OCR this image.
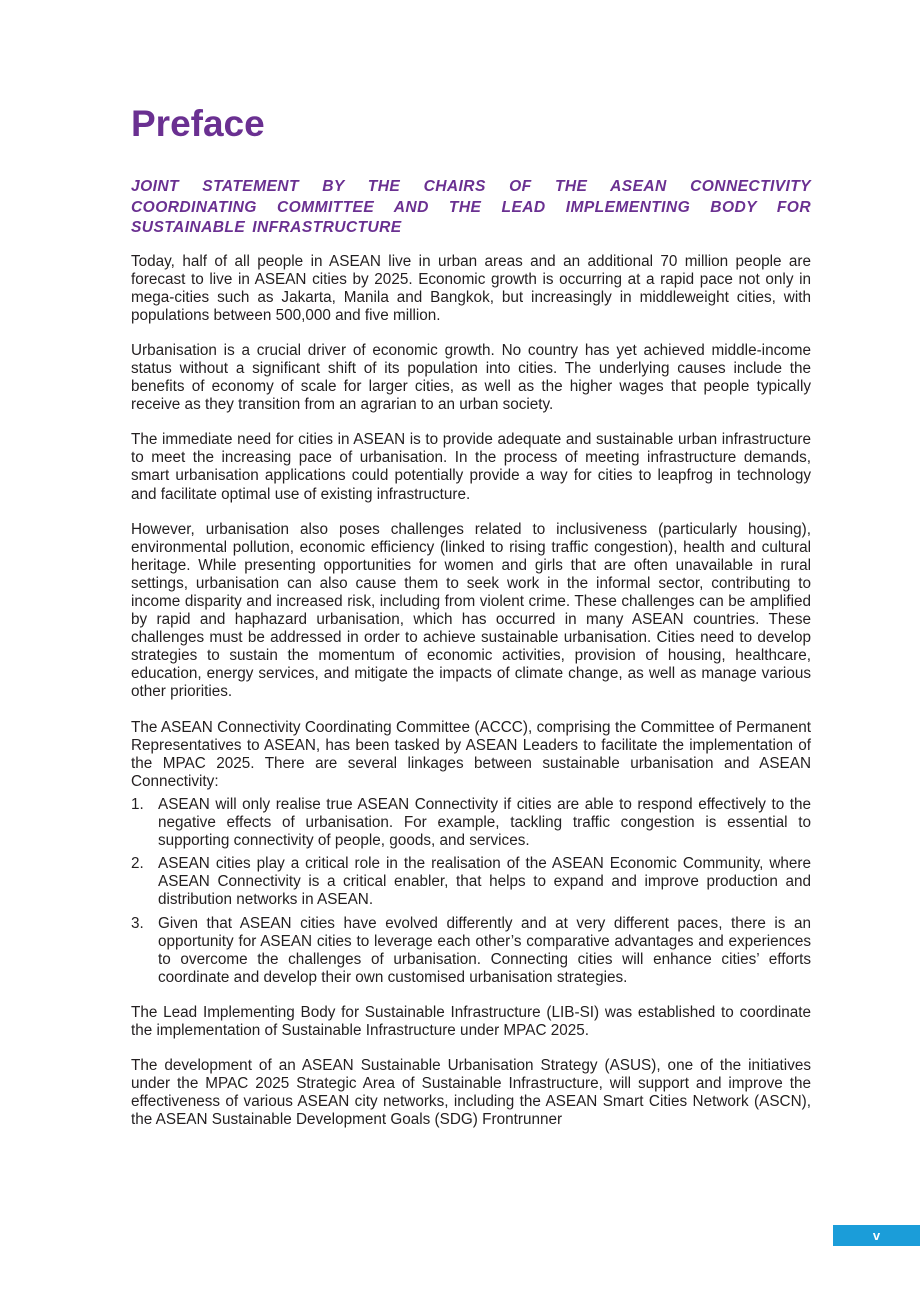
Preface
JOINT STATEMENT BY THE CHAIRS OF THE ASEAN CONNECTIVITY COORDINATING COMMITTEE AND THE LEAD IMPLEMENTING BODY FOR SUSTAINABLE INFRASTRUCTURE

Today, half of all people in ASEAN live in urban areas and an additional 70 million people are forecast to live in ASEAN cities by 2025. Economic growth is occurring at a rapid pace not only in mega-cities such as Jakarta, Manila and Bangkok, but increasingly in middleweight cities, with populations between 500,000 and five million.

Urbanisation is a crucial driver of economic growth. No country has yet achieved middle-income status without a significant shift of its population into cities. The underlying causes include the benefits of economy of scale for larger cities, as well as the higher wages that people typically receive as they transition from an agrarian to an urban society.

The immediate need for cities in ASEAN is to provide adequate and sustainable urban infrastructure to meet the increasing pace of urbanisation. In the process of meeting infrastructure demands, smart urbanisation applications could potentially provide a way for cities to leapfrog in technology and facilitate optimal use of existing infrastructure.

However, urbanisation also poses challenges related to inclusiveness (particularly housing), environmental pollution, economic efficiency (linked to rising traffic congestion), health and cultural heritage. While presenting opportunities for women and girls that are often unavailable in rural settings, urbanisation can also cause them to seek work in the informal sector, contributing to income disparity and increased risk, including from violent crime. These challenges can be amplified by rapid and haphazard urbanisation, which has occurred in many ASEAN countries. These challenges must be addressed in order to achieve sustainable urbanisation. Cities need to develop strategies to sustain the momentum of economic activities, provision of housing, healthcare, education, energy services, and mitigate the impacts of climate change, as well as manage various other priorities.

The ASEAN Connectivity Coordinating Committee (ACCC), comprising the Committee of Permanent Representatives to ASEAN, has been tasked by ASEAN Leaders to facilitate the implementation of the MPAC 2025. There are several linkages between sustainable urbanisation and ASEAN Connectivity:

1. ASEAN will only realise true ASEAN Connectivity if cities are able to respond effectively to the negative effects of urbanisation. For example, tackling traffic congestion is essential to supporting connectivity of people, goods, and services.
2. ASEAN cities play a critical role in the realisation of the ASEAN Economic Community, where ASEAN Connectivity is a critical enabler, that helps to expand and improve production and distribution networks in ASEAN.
3. Given that ASEAN cities have evolved differently and at very different paces, there is an opportunity for ASEAN cities to leverage each other’s comparative advantages and experiences to overcome the challenges of urbanisation. Connecting cities will enhance cities’ efforts coordinate and develop their own customised urbanisation strategies.

The Lead Implementing Body for Sustainable Infrastructure (LIB-SI) was established to coordinate the implementation of Sustainable Infrastructure under MPAC 2025.

The development of an ASEAN Sustainable Urbanisation Strategy (ASUS), one of the initiatives under the MPAC 2025 Strategic Area of Sustainable Infrastructure, will support and improve the effectiveness of various ASEAN city networks, including the ASEAN Smart Cities Network (ASCN), the ASEAN Sustainable Development Goals (SDG) Frontrunner

v
